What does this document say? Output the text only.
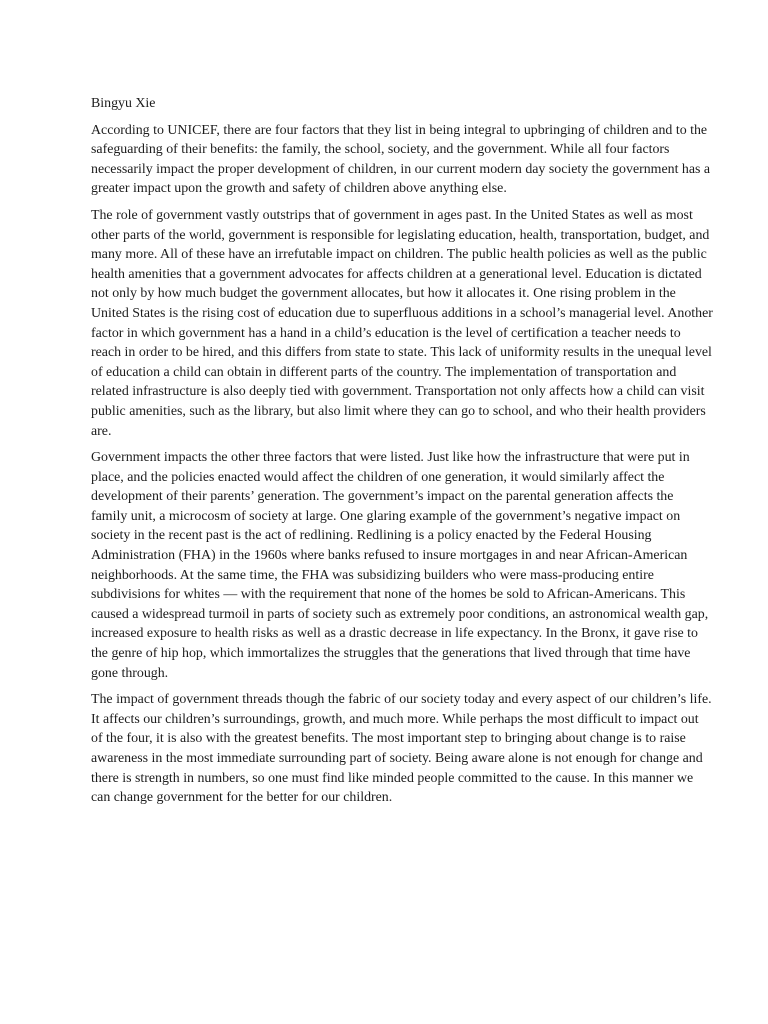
Bingyu Xie

According to UNICEF, there are four factors that they list in being integral to upbringing of children and to the safeguarding of their benefits: the family, the school, society, and the government. While all four factors necessarily impact the proper development of children, in our current modern day society the government has a greater impact upon the growth and safety of children above anything else.

The role of government vastly outstrips that of government in ages past. In the United States as well as most other parts of the world, government is responsible for legislating education, health, transportation, budget, and many more. All of these have an irrefutable impact on children. The public health policies as well as the public health amenities that a government advocates for affects children at a generational level. Education is dictated not only by how much budget the government allocates, but how it allocates it. One rising problem in the United States is the rising cost of education due to superfluous additions in a school’s managerial level. Another factor in which government has a hand in a child’s education is the level of certification a teacher needs to reach in order to be hired, and this differs from state to state. This lack of uniformity results in the unequal level of education a child can obtain in different parts of the country. The implementation of transportation and related infrastructure is also deeply tied with government. Transportation not only affects how a child can visit public amenities, such as the library, but also limit where they can go to school, and who their health providers are.

Government impacts the other three factors that were listed. Just like how the infrastructure that were put in place, and the policies enacted would affect the children of one generation, it would similarly affect the development of their parents’ generation. The government’s impact on the parental generation affects the family unit, a microcosm of society at large. One glaring example of the government’s negative impact on society in the recent past is the act of redlining. Redlining is a policy enacted by the Federal Housing Administration (FHA) in the 1960s where banks refused to insure mortgages in and near African-American neighborhoods. At the same time, the FHA was subsidizing builders who were mass-producing entire subdivisions for whites — with the requirement that none of the homes be sold to African-Americans. This caused a widespread turmoil in parts of society such as extremely poor conditions, an astronomical wealth gap, increased exposure to health risks as well as a drastic decrease in life expectancy. In the Bronx, it gave rise to the genre of hip hop, which immortalizes the struggles that the generations that lived through that time have gone through.

The impact of government threads though the fabric of our society today and every aspect of our children’s life. It affects our children’s surroundings, growth, and much more. While perhaps the most difficult to impact out of the four, it is also with the greatest benefits. The most important step to bringing about change is to raise awareness in the most immediate surrounding part of society. Being aware alone is not enough for change and there is strength in numbers, so one must find like minded people committed to the cause. In this manner we can change government for the better for our children.
